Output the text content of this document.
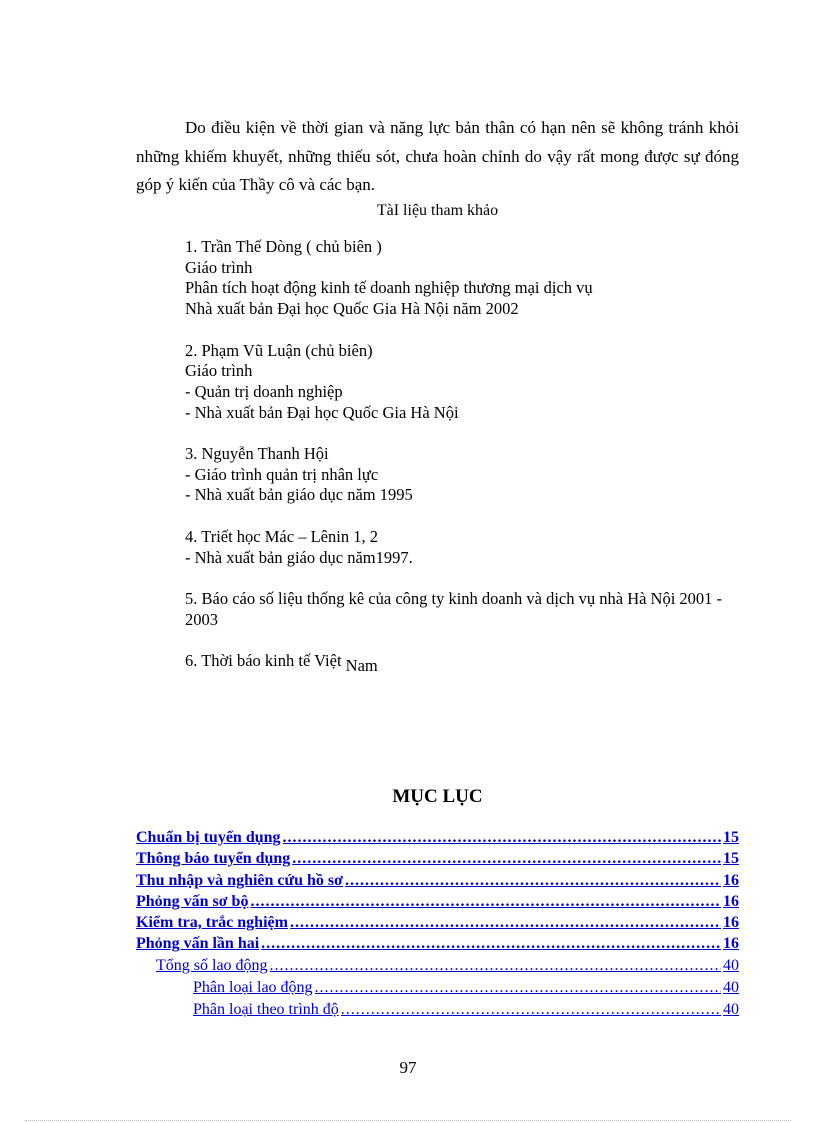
Do điều kiện về thời gian và năng lực bản thân có hạn nên sẽ không tránh khỏi những khiếm khuyết, những thiếu sót, chưa hoàn chỉnh do vậy rất mong được sự đóng góp ý kiến của Thầy cô và các bạn.

TàI liệu tham khảo

1. Trần Thế Dòng ( chủ biên )
Giáo trình
Phân tích hoạt động kinh tế doanh nghiệp thương mại dịch vụ
Nhà xuất bản Đại học Quốc Gia Hà Nội năm 2002
2. Phạm Vũ Luận (chủ biên)
Giáo trình
- Quản trị doanh nghiệp
- Nhà xuất bản Đại học Quốc Gia Hà Nội
3. Nguyễn Thanh Hội
- Giáo trình quản trị nhân lực
- Nhà xuất bản giáo dục năm 1995
4. Triết học Mác – Lênin 1, 2
- Nhà xuất bản giáo dục năm1997.
5. Báo cáo số liệu thống kê của công ty kinh doanh và dịch vụ nhà Hà Nội 2001 - 2003
6. Thời báo kinh tế Việt Nam

MỤC LỤC

Chuẩn bị tuyển dụng .....	15
Thông báo tuyển dụng .....	15
Thu nhập và nghiên cứu hồ sơ .....	16
Phỏng vấn sơ bộ .....	16
Kiểm tra, trắc nghiệm .....	16
Phỏng vấn lần hai .....	16
Tổng số lao động .....	40
Phân loại lao động .....	40
Phân loại theo trình độ .....	40

97
